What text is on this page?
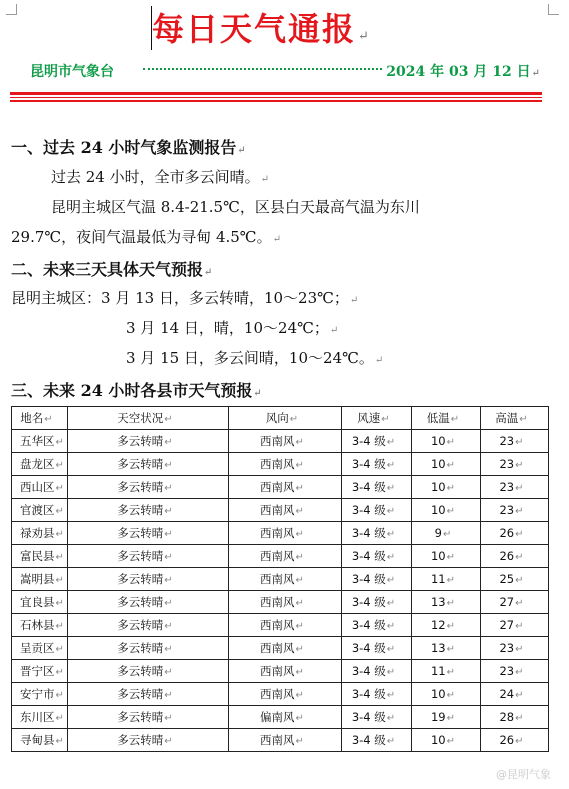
每日天气通报 ↵
昆明市气象台	2024 年 03 月 12 日↵
一、过去 24 小时气象监测报告↵
过去 24 小时，全市多云间晴。↵
昆明主城区气温 8.4-21.5℃，区县白天最高气温为东川
29.7℃，夜间气温最低为寻甸 4.5℃。↵
二、未来三天具体天气预报↵
昆明主城区：3 月 13 日，多云转晴，10～23℃；↵
3 月 14 日，晴，10～24℃；↵
3 月 15 日，多云间晴，10～24℃。↵
三、未来 24 小时各县市天气预报↵
地名↵	天空状况↵	风向↵	风速↵	低温↵	高温↵
五华区↵	多云转晴↵	西南风↵	3-4 级↵	10↵	23↵
盘龙区↵	多云转晴↵	西南风↵	3-4 级↵	10↵	23↵
西山区↵	多云转晴↵	西南风↵	3-4 级↵	10↵	23↵
官渡区↵	多云转晴↵	西南风↵	3-4 级↵	10↵	23↵
禄劝县↵	多云转晴↵	西南风↵	3-4 级↵	9↵	26↵
富民县↵	多云转晴↵	西南风↵	3-4 级↵	10↵	26↵
嵩明县↵	多云转晴↵	西南风↵	3-4 级↵	11↵	25↵
宜良县↵	多云转晴↵	西南风↵	3-4 级↵	13↵	27↵
石林县↵	多云转晴↵	西南风↵	3-4 级↵	12↵	27↵
呈贡区↵	多云转晴↵	西南风↵	3-4 级↵	13↵	23↵
晋宁区↵	多云转晴↵	西南风↵	3-4 级↵	11↵	23↵
安宁市↵	多云转晴↵	西南风↵	3-4 级↵	10↵	24↵
东川区↵	多云转晴↵	偏南风↵	3-4 级↵	19↵	28↵
寻甸县↵	多云转晴↵	西南风↵	3-4 级↵	10↵	26↵
@昆明气象
